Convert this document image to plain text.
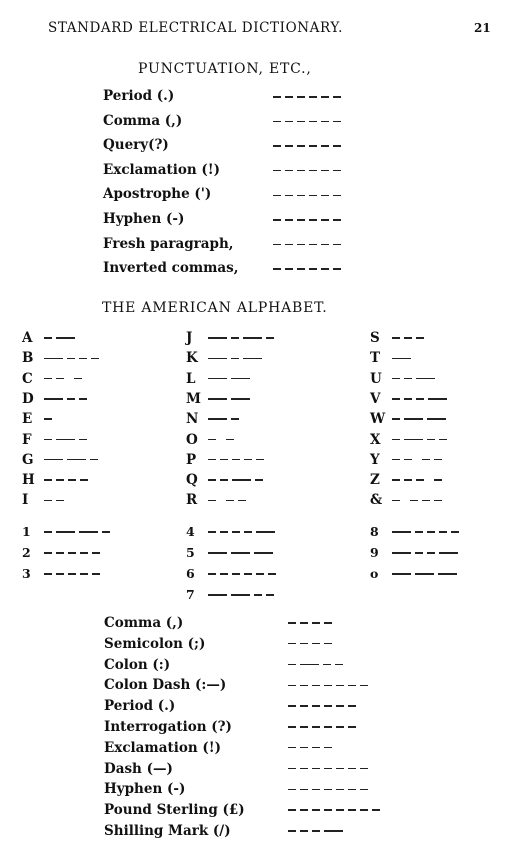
STANDARD ELECTRICAL DICTIONARY.	21
PUNCTUATION, ETC.,
Period (.)
Comma (,)
Query(?)
Exclamation (!)
Apostrophe (')
Hyphen (-)
Fresh paragraph,
Inverted commas,
THE AMERICAN ALPHABET.
A
B
C
D
E
F
G
H
I
J
K
L
M
N
O
P
Q
R
S
T
U
V
W
X
Y
Z
&
1
2
3
4
5
6
7
8
9
o
Comma (,)
Semicolon (;)
Colon (:)
Colon Dash (:—)
Period (.)
Interrogation (?)
Exclamation (!)
Dash (—)
Hyphen (-)
Pound Sterling (£)
Shilling Mark (/)
